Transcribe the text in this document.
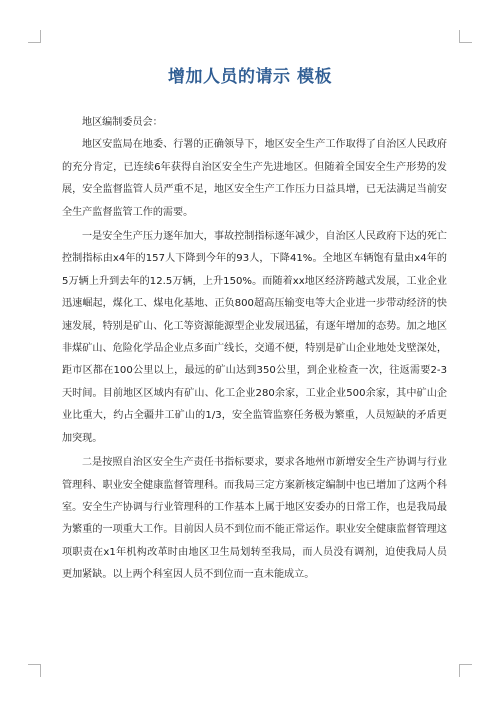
增加人员的请示 模板

地区编制委员会：

地区安监局在地委、行署的正确领导下，地区安全生产工作取得了自治区人民政府的充分肯定，已连续6年获得自治区安全生产先进地区。但随着全国安全生产形势的发展，安全监督监管人员严重不足，地区安全生产工作压力日益具增，已无法满足当前安全生产监督监管工作的需要。

一是安全生产压力逐年加大，事故控制指标逐年减少，自治区人民政府下达的死亡控制指标由x4年的157人下降到今年的93人，下降41%。全地区车辆饱有量由x4年的5万辆上升到去年的12.5万辆，上升150%。而随着xx地区经济跨越式发展，工业企业迅速崛起，煤化工、煤电化基地、正负800超高压输变电等大企业进一步带动经济的快速发展，特别是矿山、化工等资源能源型企业发展迅猛，有逐年增加的态势。加之地区非煤矿山、危险化学品企业点多面广线长，交通不便，特别是矿山企业地处戈壁深处，距市区都在100公里以上，最远的矿山达到350公里，到企业检查一次，往返需要2-3天时间。目前地区区域内有矿山、化工企业280余家，工业企业500余家，其中矿山企业比重大，约占全疆井工矿山的1/3，安全监管监察任务极为繁重，人员短缺的矛盾更加突现。

二是按照自治区安全生产责任书指标要求，要求各地州市新增安全生产协调与行业管理科、职业安全健康监督管理科。而我局三定方案新核定编制中也已增加了这两个科室。安全生产协调与行业管理科的工作基本上属于地区安委办的日常工作，也是我局最为繁重的一项重大工作。目前因人员不到位而不能正常运作。职业安全健康监督管理这项职责在x1年机构改革时由地区卫生局划转至我局，而人员没有调剂，迫使我局人员更加紧缺。以上两个科室因人员不到位而一直未能成立。
